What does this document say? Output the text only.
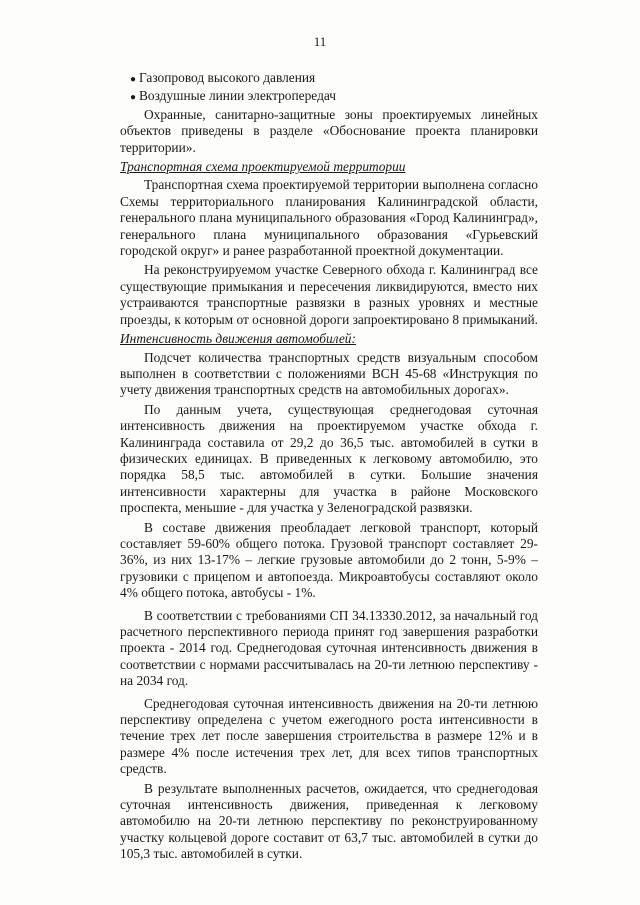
11
● Газопровод высокого давления
● Воздушные линии электропередач

Охранные, санитарно-защитные зоны проектируемых линейных объектов приведены в разделе «Обоснование проекта планировки территории».

Транспортная схема проектируемой территории

Транспортная схема проектируемой территории выполнена согласно Схемы территориального планирования Калининградской области, генерального плана муниципального образования «Город Калининград», генерального плана муниципального образования «Гурьевский городской округ» и ранее разработанной проектной документации.

На реконструируемом участке Северного обхода г. Калининград все существующие примыкания и пересечения ликвидируются, вместо них устраиваются транспортные развязки в разных уровнях и местные проезды, к которым от основной дороги запроектировано 8 примыканий.

Интенсивность движения автомобилей:

Подсчет количества транспортных средств визуальным способом выполнен в соответствии с положениями ВСН 45-68 «Инструкция по учету движения транспортных средств на автомобильных дорогах».

По данным учета, существующая среднегодовая суточная интенсивность движения на проектируемом участке обхода г. Калининграда составила от 29,2 до 36,5 тыс. автомобилей в сутки в физических единицах. В приведенных к легковому автомобилю, это порядка 58,5 тыс. автомобилей в сутки. Большие значения интенсивности характерны для участка в районе Московского проспекта, меньшие - для участка у Зеленоградской развязки.

В составе движения преобладает легковой транспорт, который составляет 59-60% общего потока. Грузовой транспорт составляет 29-36%, из них 13-17% – легкие грузовые автомобили до 2 тонн, 5-9% – грузовики с прицепом и автопоезда. Микроавтобусы составляют около 4% общего потока, автобусы - 1%.

В соответствии с требованиями СП 34.13330.2012, за начальный год расчетного перспективного периода принят год завершения разработки проекта - 2014 год. Среднегодовая суточная интенсивность движения в соответствии с нормами рассчитывалась на 20-ти летнюю перспективу - на 2034 год.

Среднегодовая суточная интенсивность движения на 20-ти летнюю перспективу определена с учетом ежегодного роста интенсивности в течение трех лет после завершения строительства в размере 12% и в размере 4% после истечения трех лет, для всех типов транспортных средств.

В результате выполненных расчетов, ожидается, что среднегодовая суточная интенсивность движения, приведенная к легковому автомобилю на 20-ти летнюю перспективу по реконструированному участку кольцевой дороге составит от 63,7 тыс. автомобилей в сутки до 105,3 тыс. автомобилей в сутки.
